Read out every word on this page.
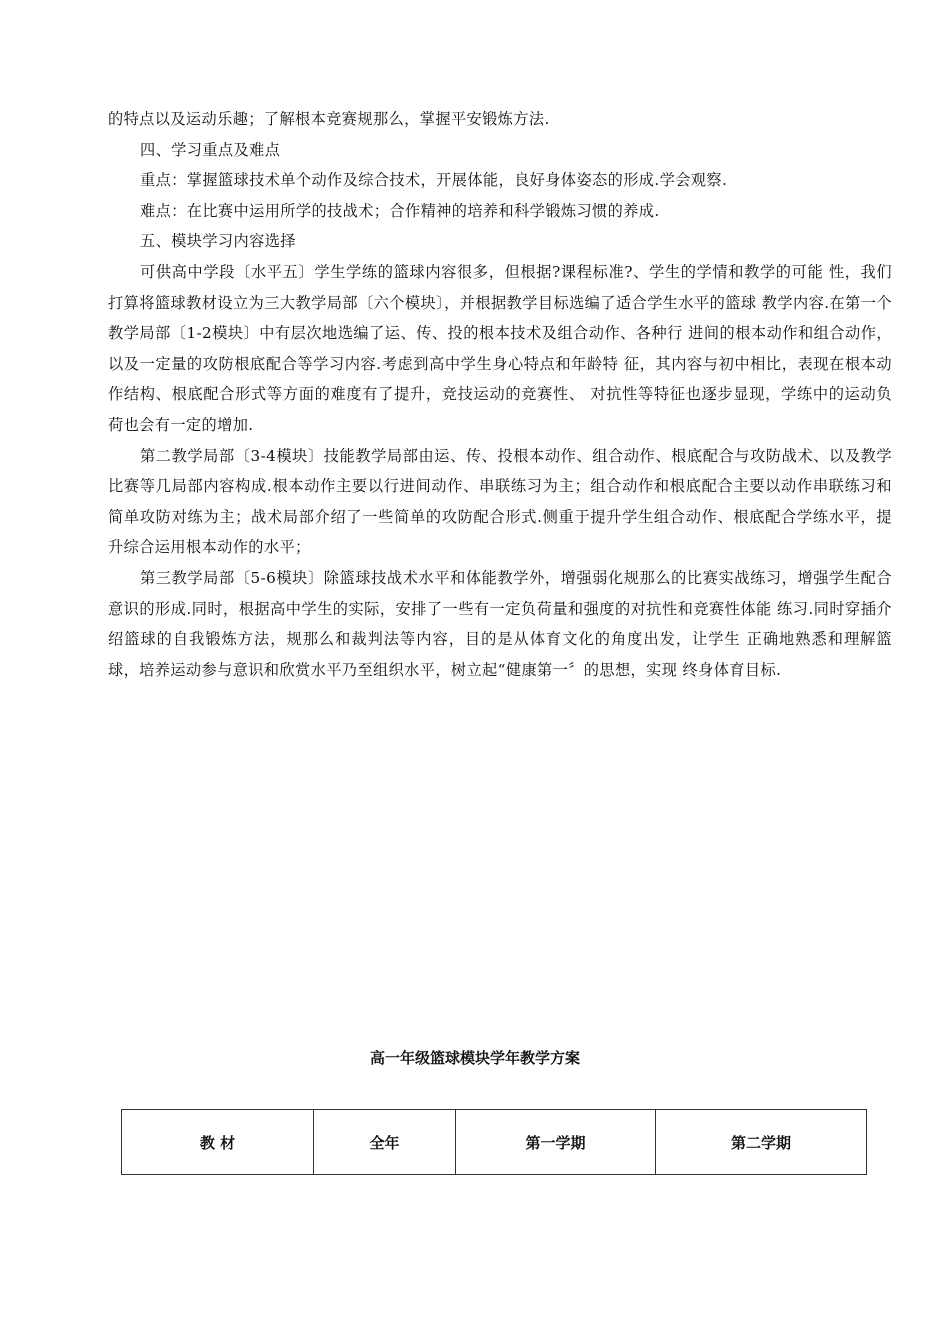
的特点以及运动乐趣；了解根本竞赛规那么，掌握平安锻炼方法.

四、学习重点及难点

重点：掌握篮球技术单个动作及综合技术，开展体能，良好身体姿态的形成.学会观察.

难点：在比赛中运用所学的技战术；合作精神的培养和科学锻炼习惯的养成.

五、模块学习内容选择

可供高中学段〔水平五〕学生学练的篮球内容很多，但根据?课程标准?、学生的学情和教学的可能 性，我们打算将篮球教材设立为三大教学局部〔六个模块〕，并根据教学目标选编了适合学生水平的篮球 教学内容.在第一个教学局部〔1-2模块〕中有层次地选编了运、传、投的根本技术及组合动作、各种行 进间的根本动作和组合动作，以及一定量的攻防根底配合等学习内容.考虑到高中学生身心特点和年龄特 征，其内容与初中相比，表现在根本动作结构、根底配合形式等方面的难度有了提升，竞技运动的竞赛性、 对抗性等特征也逐步显现，学练中的运动负荷也会有一定的增加.

第二教学局部〔3-4模块〕技能教学局部由运、传、投根本动作、组合动作、根底配合与攻防战术、以及教学比赛等几局部内容构成.根本动作主要以行进间动作、串联练习为主；组合动作和根底配合主要以动作串联练习和简单攻防对练为主；战术局部介绍了一些简单的攻防配合形式.侧重于提升学生组合动作、根底配合学练水平，提升综合运用根本动作的水平；

第三教学局部〔5-6模块〕除篮球技战术水平和体能教学外，增强弱化规那么的比赛实战练习，增强学生配合意识的形成.同时，根据高中学生的实际，安排了一些有一定负荷量和强度的对抗性和竞赛性体能 练习.同时穿插介绍篮球的自我锻炼方法，规那么和裁判法等内容，目的是从体育文化的角度出发，让学生 正确地熟悉和理解篮球，培养运动参与意识和欣赏水平乃至组织水平，树立起“健康第一〞的思想，实现 终身体育目标.

高一年级篮球模块学年教学方案
教 材	全年	第一学期	第二学期
